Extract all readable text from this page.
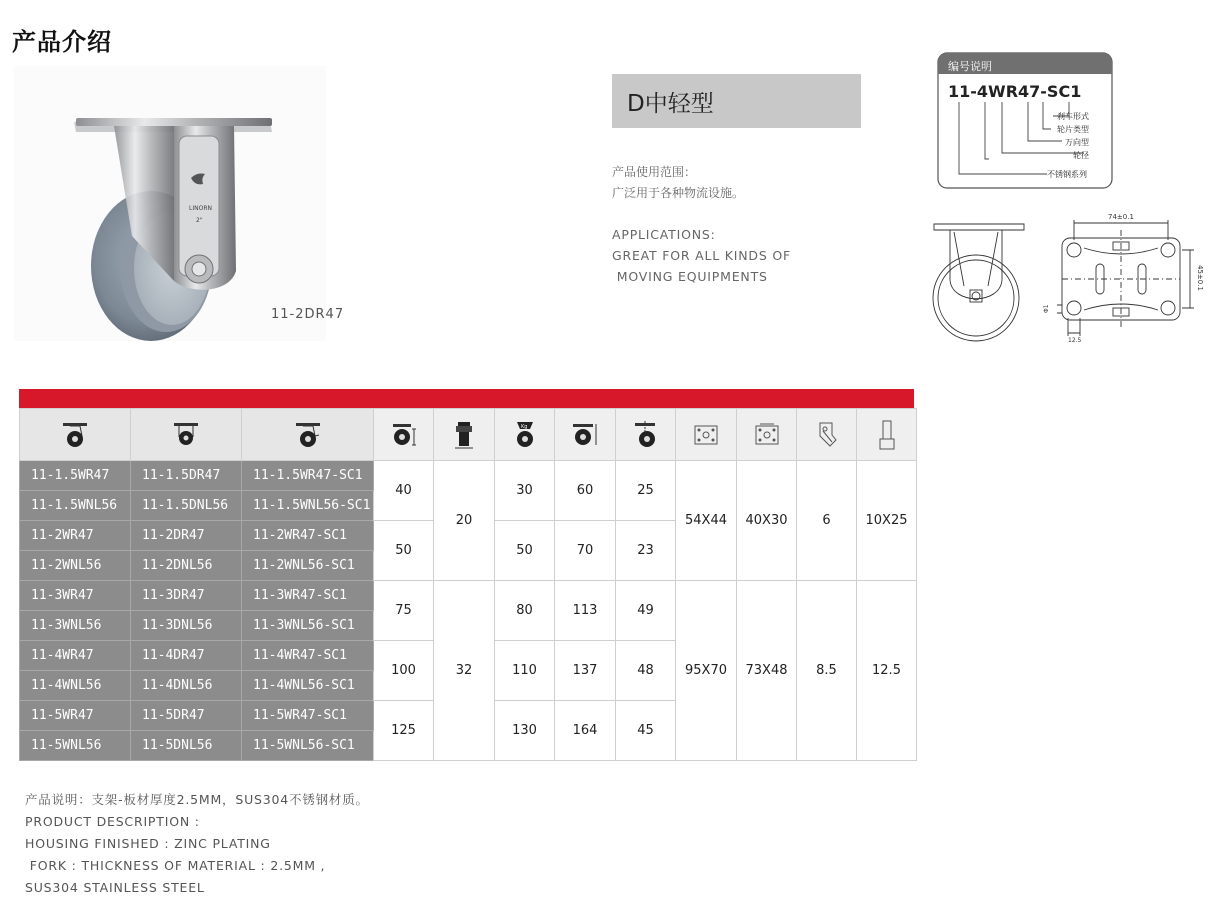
产品介绍
LINORN
2"
11-2DR47
D中轻型
产品使用范围：
广泛用于各种物流设施。
APPLICATIONS:
GREAT FOR ALL KINDS OF
MOVING EQUIPMENTS
编号说明
11-4WR47-SC1
刹车形式
轮片类型
万向型
轮径
不锈钢系列
74±0.1
45±0.1
Φ1
12.5

Kg

11-1.5WR47	11-1.5DR47	11-1.5WR47-SC1	40	20	30	60	25	54X44	40X30	6	10X25
11-1.5WNL56	11-1.5DNL56	11-1.5WNL56-SC1									
11-2WR47	11-2DR47	11-2WR47-SC1	50		50	70	23				
11-2WNL56	11-2DNL56	11-2WNL56-SC1									
11-3WR47	11-3DR47	11-3WR47-SC1	75	32	80	113	49	95X70	73X48	8.5	12.5
11-3WNL56	11-3DNL56	11-3WNL56-SC1									
11-4WR47	11-4DR47	11-4WR47-SC1	100		110	137	48				
11-4WNL56	11-4DNL56	11-4WNL56-SC1									
11-5WR47	11-5DR47	11-5WR47-SC1	125		130	164	45				
11-5WNL56	11-5DNL56	11-5WNL56-SC1									
产品说明：支架-板材厚度2.5MM，SUS304不锈钢材质。
PRODUCT DESCRIPTION :
HOUSING FINISHED : ZINC PLATING
FORK : THICKNESS OF MATERIAL : 2.5MM ,
SUS304 STAINLESS STEEL
